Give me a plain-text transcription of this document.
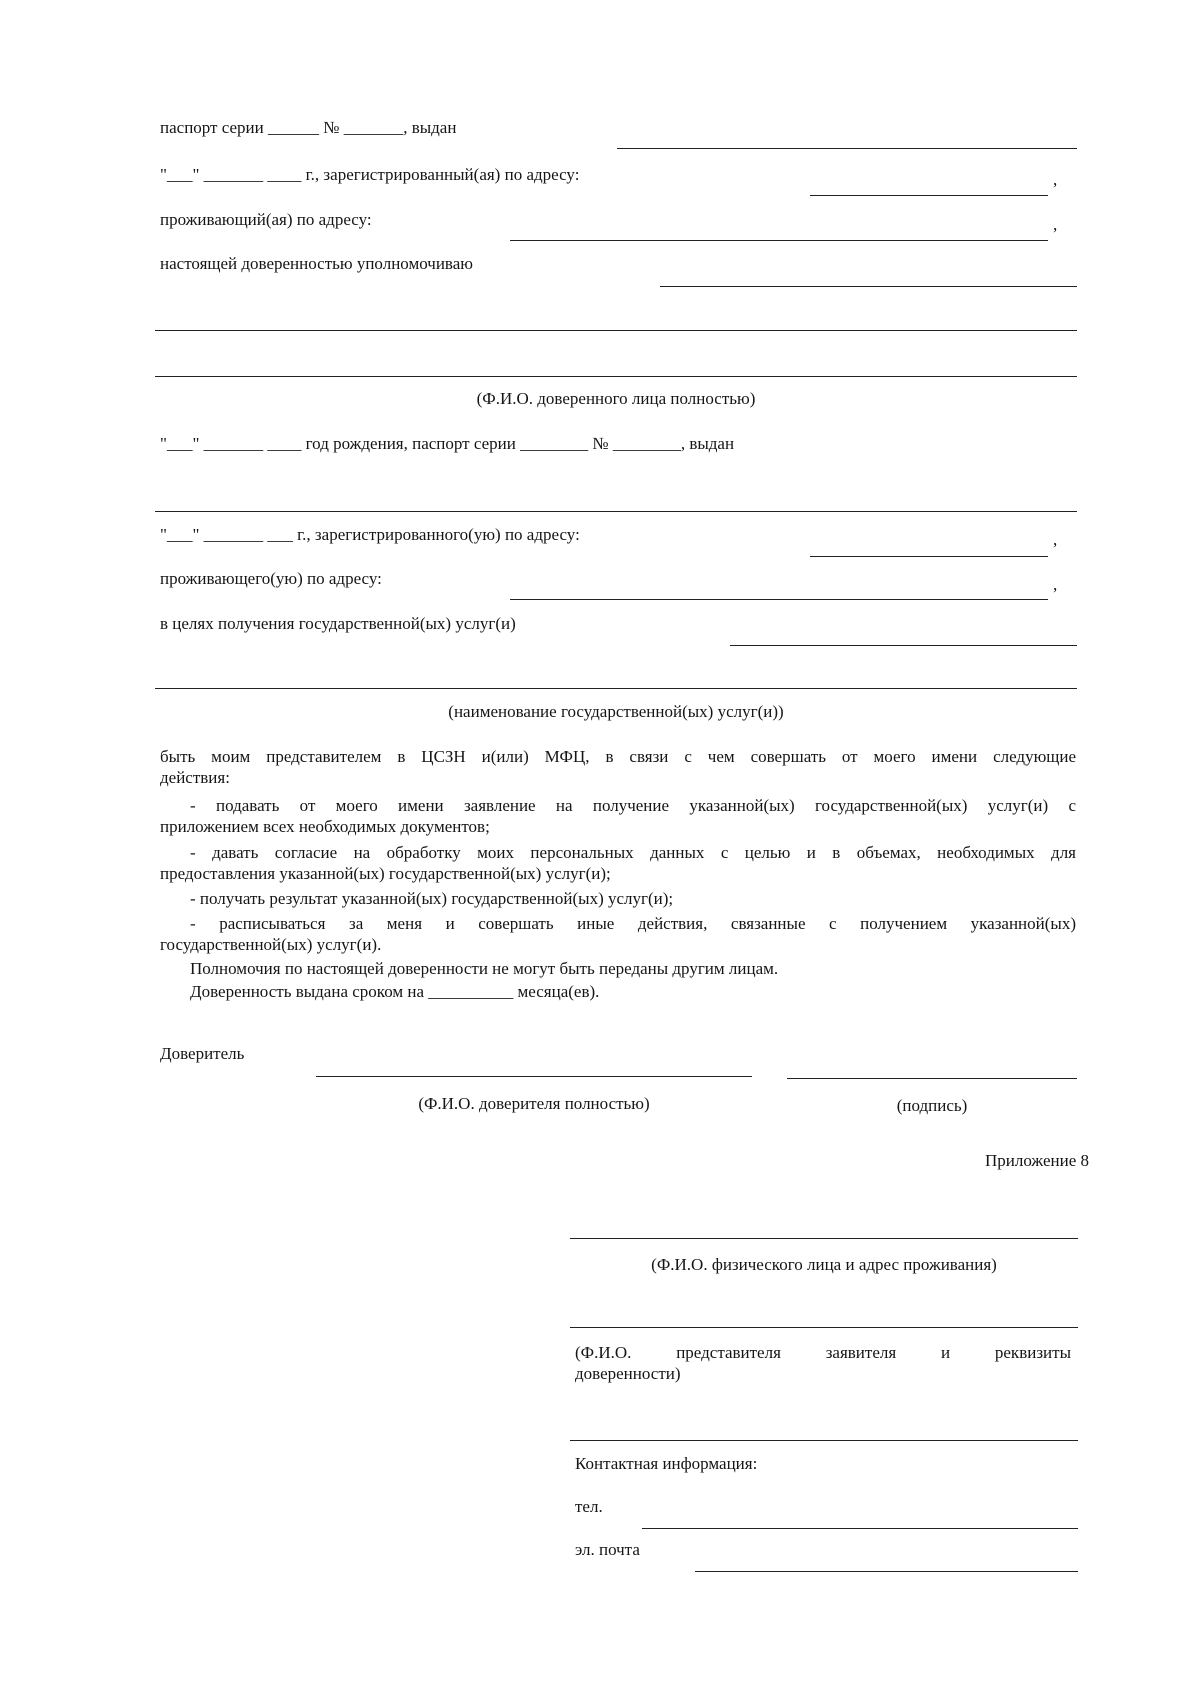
паспорт серии ______ № _______, выдан
"___" _______ ____ г., зарегистрированный(ая) по адресу:	,
проживающий(ая) по адресу:	,
настоящей доверенностью уполномочиваю
(Ф.И.О. доверенного лица полностью)
"___" _______ ____ год рождения, паспорт серии ________ № ________, выдан
"___" _______ ___ г., зарегистрированного(ую) по адресу:	,
проживающего(ую) по адресу:	,
в целях получения государственной(ых) услуг(и)
(наименование государственной(ых) услуг(и))
быть моим представителем в ЦСЗН и(или) МФЦ, в связи с чем совершать от моего имени следующие
действия:
- подавать от моего имени заявление на получение указанной(ых) государственной(ых) услуг(и) с
приложением всех необходимых документов;
- давать согласие на обработку моих персональных данных с целью и в объемах, необходимых для
предоставления указанной(ых) государственной(ых) услуг(и);
- получать результат указанной(ых) государственной(ых) услуг(и);
- расписываться за меня и совершать иные действия, связанные с получением указанной(ых)
государственной(ых) услуг(и).
Полномочия по настоящей доверенности не могут быть переданы другим лицам.
Доверенность выдана сроком на __________ месяца(ев).
Доверитель
(Ф.И.О. доверителя полностью)	(подпись)
Приложение 8
(Ф.И.О. физического лица и адрес проживания)
(Ф.И.О. представителя заявителя и реквизиты
доверенности)
Контактная информация:
тел.
эл. почта
